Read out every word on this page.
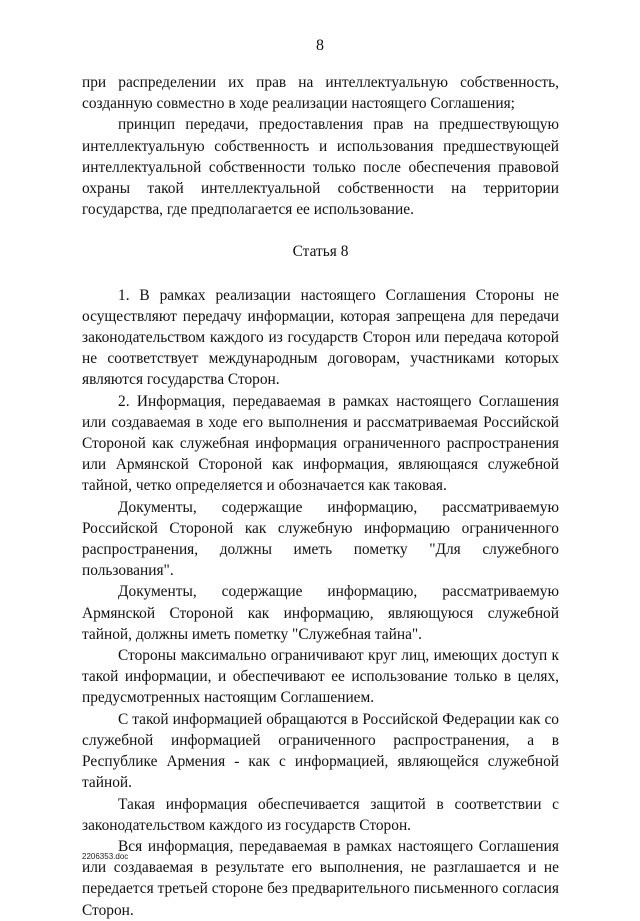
8

при распределении их прав на интеллектуальную собственность, созданную совместно в ходе реализации настоящего Соглашения;

принцип передачи, предоставления прав на предшествующую интеллектуальную собственность и использования предшествующей интеллектуальной собственности только после обеспечения правовой охраны такой интеллектуальной собственности на территории государства, где предполагается ее использование.

Статья 8

1. В рамках реализации настоящего Соглашения Стороны не осуществляют передачу информации, которая запрещена для передачи законодательством каждого из государств Сторон или передача которой не соответствует международным договорам, участниками которых являются государства Сторон.

2. Информация, передаваемая в рамках настоящего Соглашения или создаваемая в ходе его выполнения и рассматриваемая Российской Стороной как служебная информация ограниченного распространения или Армянской Стороной как информация, являющаяся служебной тайной, четко определяется и обозначается как таковая.

Документы, содержащие информацию, рассматриваемую Российской Стороной как служебную информацию ограниченного распространения, должны иметь пометку "Для служебного пользования".

Документы, содержащие информацию, рассматриваемую Армянской Стороной как информацию, являющуюся служебной тайной, должны иметь пометку "Служебная тайна".

Стороны максимально ограничивают круг лиц, имеющих доступ к такой информации, и обеспечивают ее использование только в целях, предусмотренных настоящим Соглашением.

С такой информацией обращаются в Российской Федерации как со служебной информацией ограниченного распространения, а в Республике Армения - как с информацией, являющейся служебной тайной.

Такая информация обеспечивается защитой в соответствии с законодательством каждого из государств Сторон.

Вся информация, передаваемая в рамках настоящего Соглашения или создаваемая в результате его выполнения, не разглашается и не передается третьей стороне без предварительного письменного согласия Сторон.

2206353.doc
